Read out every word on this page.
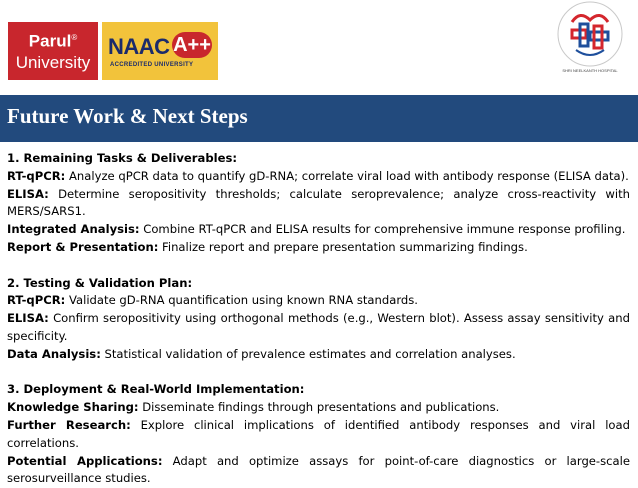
Parul®
University
NAAC A++
ACCREDITED UNIVERSITY
SHRI NEELKANTH HOSPITAL
Future Work & Next Steps

1. Remaining Tasks & Deliverables:

RT-qPCR: Analyze qPCR data to quantify gD-RNA; correlate viral load with antibody response (ELISA data).

ELISA: Determine seropositivity thresholds; calculate seroprevalence; analyze cross-reactivity with MERS/SARS1.

Integrated Analysis: Combine RT-qPCR and ELISA results for comprehensive immune response profiling.

Report & Presentation: Finalize report and prepare presentation summarizing findings.

2. Testing & Validation Plan:

RT-qPCR: Validate gD-RNA quantification using known RNA standards.

ELISA: Confirm seropositivity using orthogonal methods (e.g., Western blot). Assess assay sensitivity and specificity.

Data Analysis: Statistical validation of prevalence estimates and correlation analyses.

3. Deployment & Real-World Implementation:

Knowledge Sharing: Disseminate findings through presentations and publications.

Further Research: Explore clinical implications of identified antibody responses and viral load correlations.

Potential Applications: Adapt and optimize assays for point-of-care diagnostics or large-scale serosurveillance studies.
